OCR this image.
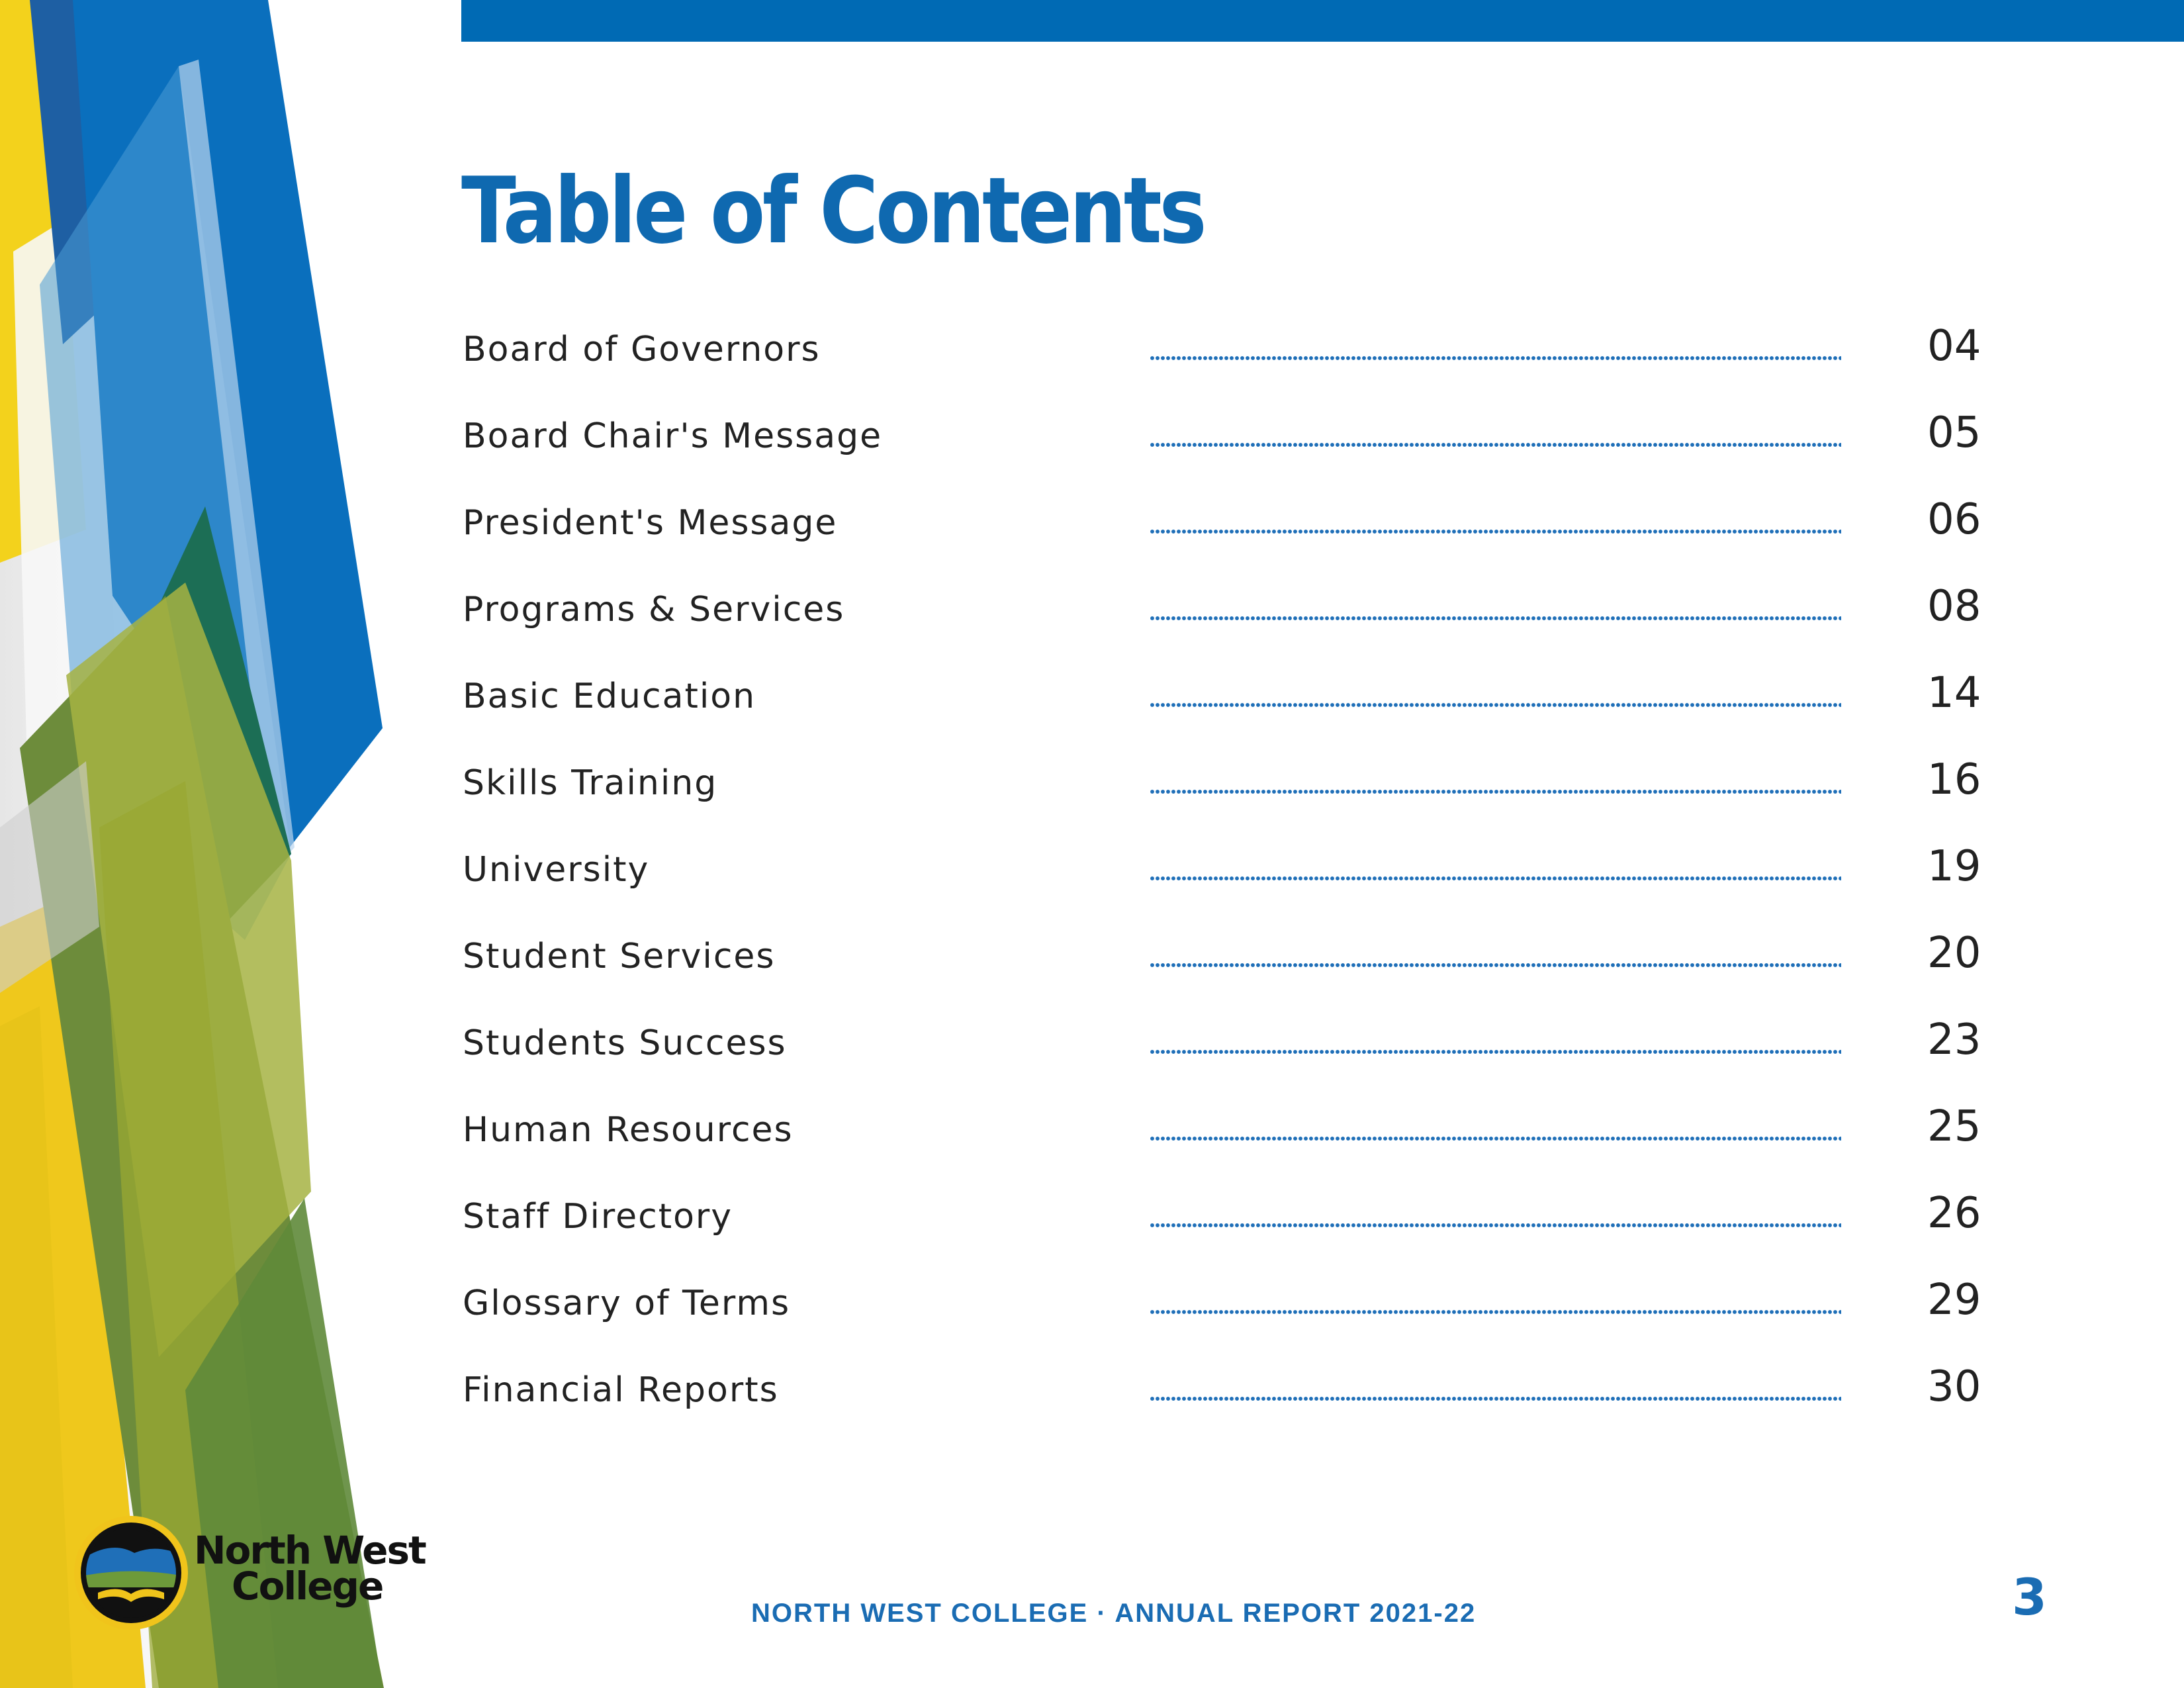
Table of Contents
Board of Governors	04
Board Chair's Message	05
President's Message	06
Programs & Services	08
Basic Education	14
Skills Training	16
University	19
Student Services	20
Students Success	23
Human Resources	25
Staff Directory	26
Glossary of Terms	29
Financial Reports	30
North West
College
NORTH WEST COLLEGE · ANNUAL REPORT 2021-22	3
